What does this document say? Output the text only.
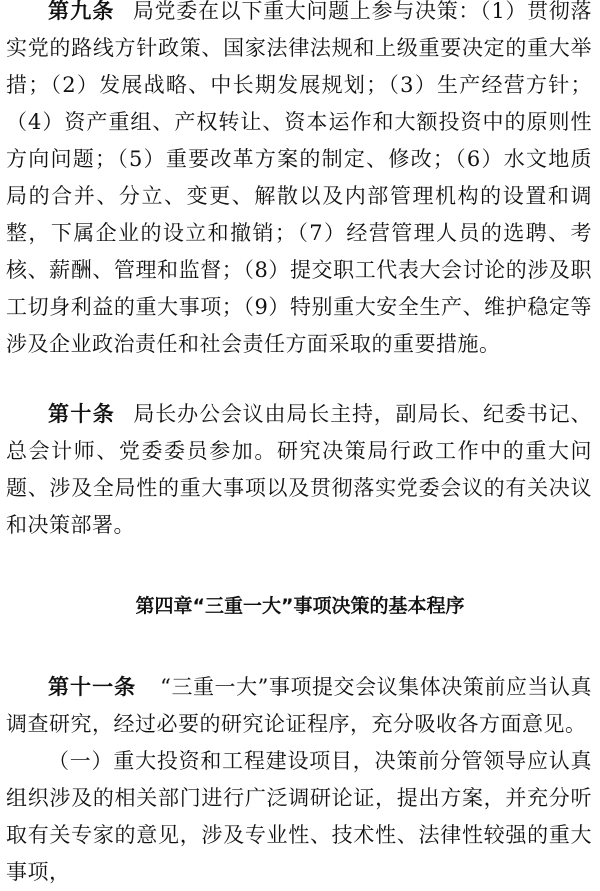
第九条 局党委在以下重大问题上参与决策：（1）贯彻落实党的路线方针政策、国家法律法规和上级重要决定的重大举措；（2）发展战略、中长期发展规划；（3）生产经营方针；（4）资产重组、产权转让、资本运作和大额投资中的原则性方向问题；（5）重要改革方案的制定、修改；（6）水文地质局的合并、分立、变更、解散以及内部管理机构的设置和调整，下属企业的设立和撤销；（7）经营管理人员的选聘、考核、薪酬、管理和监督；（8）提交职工代表大会讨论的涉及职工切身利益的重大事项；（9）特别重大安全生产、维护稳定等涉及企业政治责任和社会责任方面采取的重要措施。

第十条 局长办公会议由局长主持，副局长、纪委书记、总会计师、党委委员参加。研究决策局行政工作中的重大问题、涉及全局性的重大事项以及贯彻落实党委会议的有关决议和决策部署。

第四章“三重一大”事项决策的基本程序

第十一条 “三重一大”事项提交会议集体决策前应当认真调查研究，经过必要的研究论证程序，充分吸收各方面意见。

（一）重大投资和工程建设项目，决策前分管领导应认真组织涉及的相关部门进行广泛调研论证，提出方案，并充分听取有关专家的意见，涉及专业性、技术性、法律性较强的重大事项，
